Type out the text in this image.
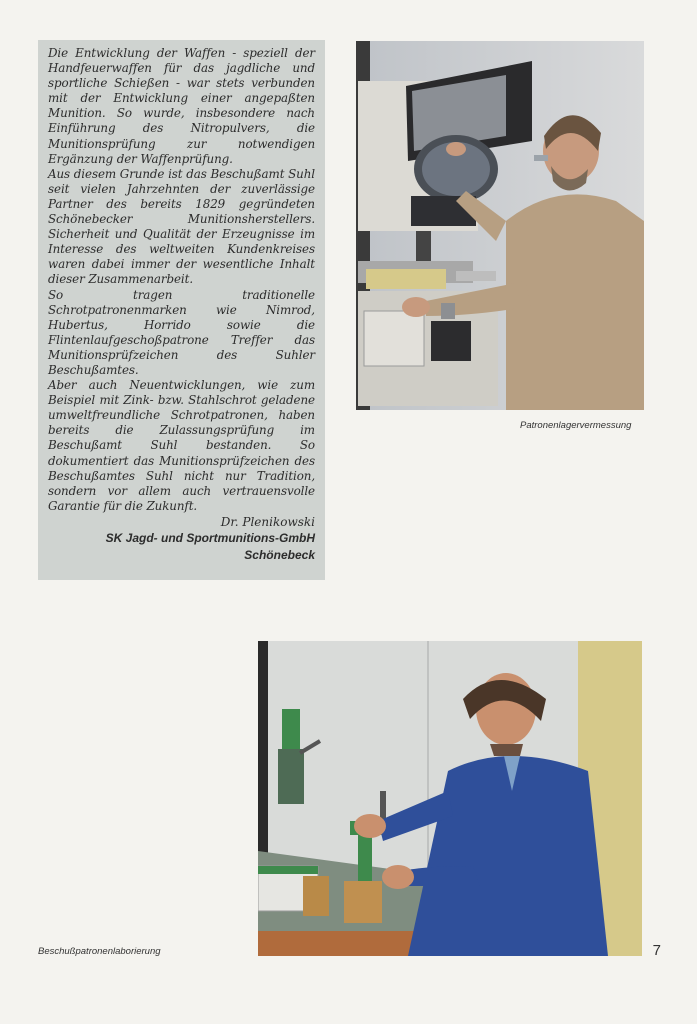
Die Entwicklung der Waffen - speziell der Handfeuerwaffen für das jagdliche und sportliche Schießen - war stets verbunden mit der Entwicklung einer angepaßten Munition. So wurde, insbesondere nach Einführung des Nitropulvers, die Munitionsprüfung zur notwendigen Ergänzung der Waffenprüfung.

Aus diesem Grunde ist das Beschußamt Suhl seit vielen Jahrzehnten der zuverlässige Partner des bereits 1829 gegründeten Schönebecker Munitionsherstellers. Sicherheit und Qualität der Erzeugnisse im Interesse des weltweiten Kundenkreises waren dabei immer der wesentliche Inhalt dieser Zusammenarbeit.

So tragen traditionelle Schrotpatronenmarken wie Nimrod, Hubertus, Horrido sowie die Flintenlaufgeschoßpatrone Treffer das Munitionsprüfzeichen des Suhler Beschußamtes.

Aber auch Neuentwicklungen, wie zum Beispiel mit Zink- bzw. Stahlschrot geladene umweltfreundliche Schrotpatronen, haben bereits die Zulassungsprüfung im Beschußamt Suhl bestanden. So dokumentiert das Munitionsprüfzeichen des Beschußamtes Suhl nicht nur Tradition, sondern vor allem auch vertrauensvolle Garantie für die Zukunft.

Dr. Plenikowski

SK Jagd- und Sportmunitions-GmbH

Schönebeck

Patronenlagervermessung
Beschußpatronenlaborierung	7
